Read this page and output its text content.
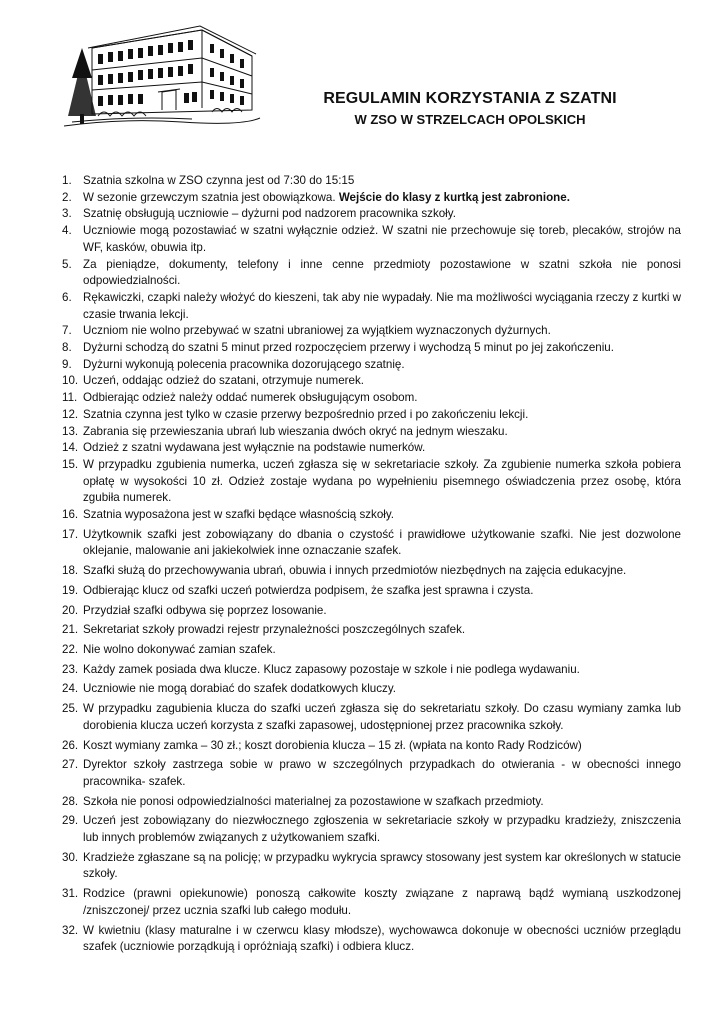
REGULAMIN KORZYSTANIA Z SZATNI
W ZSO W STRZELCACH OPOLSKICH
1. Szatnia szkolna w ZSO czynna jest od 7:30 do 15:15
2. W sezonie grzewczym szatnia jest obowiązkowa. Wejście do klasy z kurtką jest zabronione.
3. Szatnię obsługują uczniowie – dyżurni pod nadzorem pracownika szkoły.
4. Uczniowie mogą pozostawiać w szatni wyłącznie odzież. W szatni nie przechowuje się toreb, plecaków, strojów na WF, kasków, obuwia itp.
5. Za pieniądze, dokumenty, telefony i inne cenne przedmioty pozostawione w szatni szkoła nie ponosi odpowiedzialności.
6. Rękawiczki, czapki należy włożyć do kieszeni, tak aby nie wypadały. Nie ma możliwości wyciągania rzeczy z kurtki w czasie trwania lekcji.
7. Uczniom nie wolno przebywać w szatni ubraniowej za wyjątkiem wyznaczonych dyżurnych.
8. Dyżurni schodzą do szatni 5 minut przed rozpoczęciem przerwy i wychodzą 5 minut po jej zakończeniu.
9. Dyżurni wykonują polecenia pracownika dozorującego szatnię.
10. Uczeń, oddając odzież do szatani, otrzymuje numerek.
11. Odbierając odzież należy oddać numerek obsługującym osobom.
12. Szatnia czynna jest tylko w czasie przerwy bezpośrednio przed i po zakończeniu lekcji.
13. Zabrania się przewieszania ubrań lub wieszania dwóch okryć na jednym wieszaku.
14. Odzież z szatni wydawana jest wyłącznie na podstawie numerków.
15. W przypadku zgubienia numerka, uczeń zgłasza się w sekretariacie szkoły. Za zgubienie numerka szkoła pobiera opłatę w wysokości 10 zł. Odzież zostaje wydana po wypełnieniu pisemnego oświadczenia przez osobę, która zgubiła numerek.
16. Szatnia wyposażona jest w szafki będące własnością szkoły.
17. Użytkownik szafki jest zobowiązany do dbania o czystość i prawidłowe użytkowanie szafki. Nie jest dozwolone oklejanie, malowanie ani jakiekolwiek inne oznaczanie szafek.
18. Szafki służą do przechowywania ubrań, obuwia i innych przedmiotów niezbędnych na zajęcia edukacyjne.
19. Odbierając klucz od szafki uczeń potwierdza podpisem, że szafka jest sprawna i czysta.
20. Przydział szafki odbywa się poprzez losowanie.
21. Sekretariat szkoły prowadzi rejestr przynależności poszczególnych szafek.
22. Nie wolno dokonywać zamian szafek.
23. Każdy zamek posiada dwa klucze. Klucz zapasowy pozostaje w szkole i nie podlega wydawaniu.
24. Uczniowie nie mogą dorabiać do szafek dodatkowych kluczy.
25. W przypadku zagubienia klucza do szafki uczeń zgłasza się do sekretariatu szkoły. Do czasu wymiany zamka lub dorobienia klucza uczeń korzysta z szafki zapasowej, udostępnionej przez pracownika szkoły.
26. Koszt wymiany zamka – 30 zł.; koszt dorobienia klucza – 15 zł. (wpłata na konto Rady Rodziców)
27. Dyrektor szkoły zastrzega sobie w prawo w szczególnych przypadkach do otwierania - w obecności innego pracownika- szafek.
28. Szkoła nie ponosi odpowiedzialności materialnej za pozostawione w szafkach przedmioty.
29. Uczeń jest zobowiązany do niezwłocznego zgłoszenia w sekretariacie szkoły w przypadku kradzieży, zniszczenia lub innych problemów związanych z użytkowaniem szafki.
30. Kradzieże zgłaszane są na policję; w przypadku wykrycia sprawcy stosowany jest system kar określonych w statucie szkoły.
31. Rodzice (prawni opiekunowie) ponoszą całkowite koszty związane z naprawą bądź wymianą uszkodzonej /zniszczonej/ przez ucznia szafki lub całego modułu.
32. W kwietniu (klasy maturalne i w czerwcu klasy młodsze), wychowawca dokonuje w obecności uczniów przeglądu szafek (uczniowie porządkują i opróżniają szafki) i odbiera klucz.
